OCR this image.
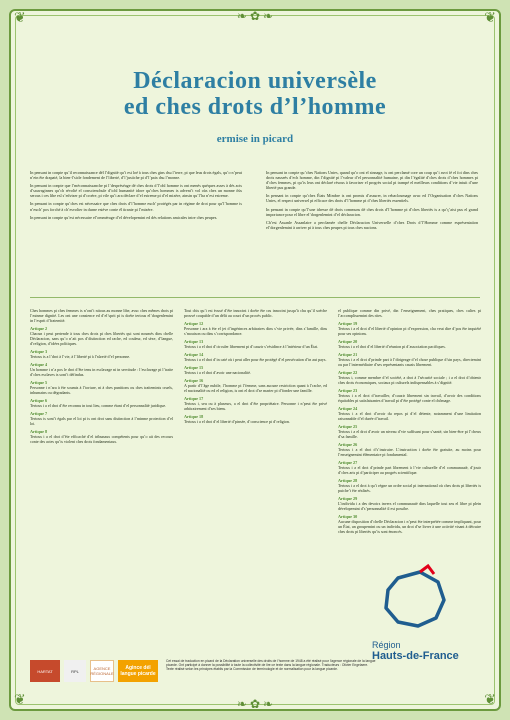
❦	❦
❦	❦
❧ ✿ ❧
❧ ✿ ❧
Déclaracion universèle
ed ches drots d’l’homme
ermise in picard

In pensant in conpte qu’il reconnaissance dél l’dignitè qu’i est loé à tous ches gins dsu l’terre, pi que leus drots égals, qu’o n’peut n’ein ête drapaté, la bien-l’sicle fondement de l’liberté, d’l’justiche pi d’l’paix dsu l’monne.

In pensant in conpte que l’mèconnaissanche pi l’despréséage dé ches drots d’l’ohl homme is ont menés quéques asses à dés acts d’sauvaginnes qu’ch révolté el conscienchule d’ichl humanitè idore qu’ches hommes is advent’t vol oùs ches un monne ôùs serous i ces libe esl s’edvizer pi d’croére, pi vile qu’i ara déclare d’el estreme pi d’el mizère, ainsin qu’l’ha n’est estreme.

In pensant in conpte qu’ches est nécessaire que ches drots d’l’homme euch’ protégés par in régime de drot pour qu’l’homme is n’euch’ pos forché à ch’esvolter in durne estéve conte él tiranie pi l’mizère.

In pensant in conpte qu’est nécessaire el’ommérage d’el dévelopemint ed dés relations amicales intre ches peupes.

In pensant in conpte qu’ches Nations Unies, quand qu’o ont el sinnage, is ont perclamé core un coup qu’i avot fé el foi dins ches drots nasseés d’ech homme, din l’dignité pi l’valeur d’el personnalitè humaine, pi din l’égalité d’ches drots d’ches hommes pi d’ches femmes, pi qu’is leus ont déclaré résous à favoriser el progrès social pi trampé el meilleurs conditions d’vie intuit d’une liberté pus grande.

In pensant in conpte qu’ches États Mimbre is ont promis d’assurer, in rebacloumage avuc ed l’Organisation d’ches Nations Unies, el respect universel pi efficace des drots d’l’homme pi d’ches libertés essentiels.

In pensant in conpte qu’l’une idresse dé drots communs dé ches drots d’l’homme pi d’ches libertés is a qu’ç’aist pus el grand importance pour el libre el’dorgenlemint d’el déclaracion.

Ch’est Assanle Assanlaire a perclamée chelle Déclaracion Universelle d’ches Drots d’l’Homme comme esprésentation el’dorgenlemint à arriver pi à tous ches peupes pi tous ches nacions.

Ches hommes pi ches femmes is n’ont’t nitous au monne libe, avuc ches mêmes drots pi l’minme dignité. Les ont une consience ed d’el’sprit pi is doéte tertous el’dorgenlemint in l’esprit d’fraternitè.

Artique 2
Chacun i peut pertende à tous ches drots pi ches libertés qui sont noumés dins chelle Déclaracion, sans qu’o n’ait pos d’distinction ed rache, ed couleur, ed sèxe, d’langue, d’religion, d’idées politiques.

Artique 3
Tertous is a l’drot à l’vie, à l’liberté pi à l’sûreté d’el personne.

Artique 4
Un homme i n’a pos le drot d’ête tenu in esclavage ni in servitude : l’esclavage pi l’traite d’ches esclaves is sont’t défindus.

Artique 5
Personne i n’ara à ête soumis à l’torture, ni à ches punitions ou ches traitemints cruels, inhumains ou dégradants.

Artique 6
Tertous i a el drot d’ête reconnu in tout lieu, comme étant d’el personnalitè juridique.

Artique 7
Tertous is sont’t égals par el loi pi is ont drot sans distinction à l’minme protection d’el loi.

Artique 8
Tertous i a el drot d’ête efficaché d’el tribunaux compétents pour qu’o ait des recours conte des actes qu’is violent ches drots fondamentaux.

Tout chis qu’i est ècusé d’ête innocint i doéte ête cru innocint jusqu’à chu qu’il soéche prouvé coupable d’un délit au court d’un procès public.

Artique 12
Personne i ara à ête el jet d’ingérinces arbitraires dins s’vie privée, dins s’famille, dins s’moaison ou dins s’corrispondance.

Artique 13
Tertous i a el drot d’circuler librement pi d’cauzir s’résidince à l’intérieur d’un État.

Artique 14
Tertous i a el drot d’in caté où i peut aller pour ête protégé d’el persécution d’in aut pays.

Artique 15
Tertous i a el drot d’avoir une nacionalitè.

Artique 16
A partir d’l’âge nubile, l’homme pi l’femme, sans aucune restriction quant à l’rache, ed el nacionalitè ou ed el religion, is ont el drot d’se marier pi d’fonder une famille.

Artique 17
Tertous i, seu ou à pluseurs, a el drot d’ête propriétaire. Personne i n’peut ête privé arbitrairement d’ses biens.

Artique 18
Tertous i a el drot d’el liberté d’pinsée, d’conscience pi d’religion.

el publique comme din privé, din l’enseignement, ches pratiques, ches cultes pi l’accomplissemint des rites.

Artique 19
Tertous i a el drot d’el liberté d’opinion pi d’expression, cha veut dire d’pos ête inquiété pour ses opinions.

Artique 20
Tertous i a el drot d’el liberté d’réunion pi d’association pacifiques.

Artique 21
Tertous i a el drot d’prinde part à l’dirigeage d’el chose publique d’sin pays, directemint ou par l’intermédiaire d’ses représentants cauzis librement.

Artique 22
Tertous i, comme membre d’el société, a drot à l’sécurité sociale ; i a el drot d’obtenir ches drots économiques, sociaux pi culturels indispensables à s’dignité.

Artique 23
Tertous i a el drot d’travailler, d’cauzir librement sin travail, d’avoir des conditions équitables pi satisfaisantes d’travail pi d’ête protégé conte el chômage.

Artique 24
Tertous i a el drot d’avoir du repos pi d’el détente, notamment d’une limitation raisonnable d’el durée d’travail.

Artique 25
Tertous i a el drot d’avoir un niveau d’vie suffisant pour s’santé, sin bien-être pi l’cheux d’sa famille.

Artique 26
Tertous i a el drot d’s’instruire. L’instruction i doéte ête gratuite, au moins pour l’enseignemint élémentaire pi fondamental.

Artique 27
Tertous i a el drot d’prinde part librement à l’vie culturelle d’el communautè, d’jouir d’ches arts pi d’participer au progrès scientifique.

Artique 28
Tertous i a el drot à qu’i régne un ordre social pi international où ches drots pi libertés is puiche’t ête réalisés.

Artique 29
L’individu i a des devoirs invers el communautè dins laquelle tout seu el libre pi plein dévelopemint d’s’personnalitè il est possibe.

Artique 30
Aucune disposition d’chelle Déclaracion i n’peut ête interprétée comme impliquant, pour un État, un groupemint ou un individu, un drot d’se livrer à une activité visant à détruire ches drots pi libertés qu’is sont énoncés.

Région
Hauts-de-France
HARTAT	RPL	AGENCE RÉGIONALE
Agince dél langue picarde
Cet essai de traduction en picard de la Déclaration universelle des droits de l’homme de 1948 a été réalisé pour l’agence régionale de la langue picarde. Ont participé à donner la possibilité à toute la collectivité de lire ce texte dans la langue régionale. Traducteurs : Olivier Engelaere. Texte réalisé selon les principes établis par la Commission de terminologie et de normalisation pour la langue picarde.
